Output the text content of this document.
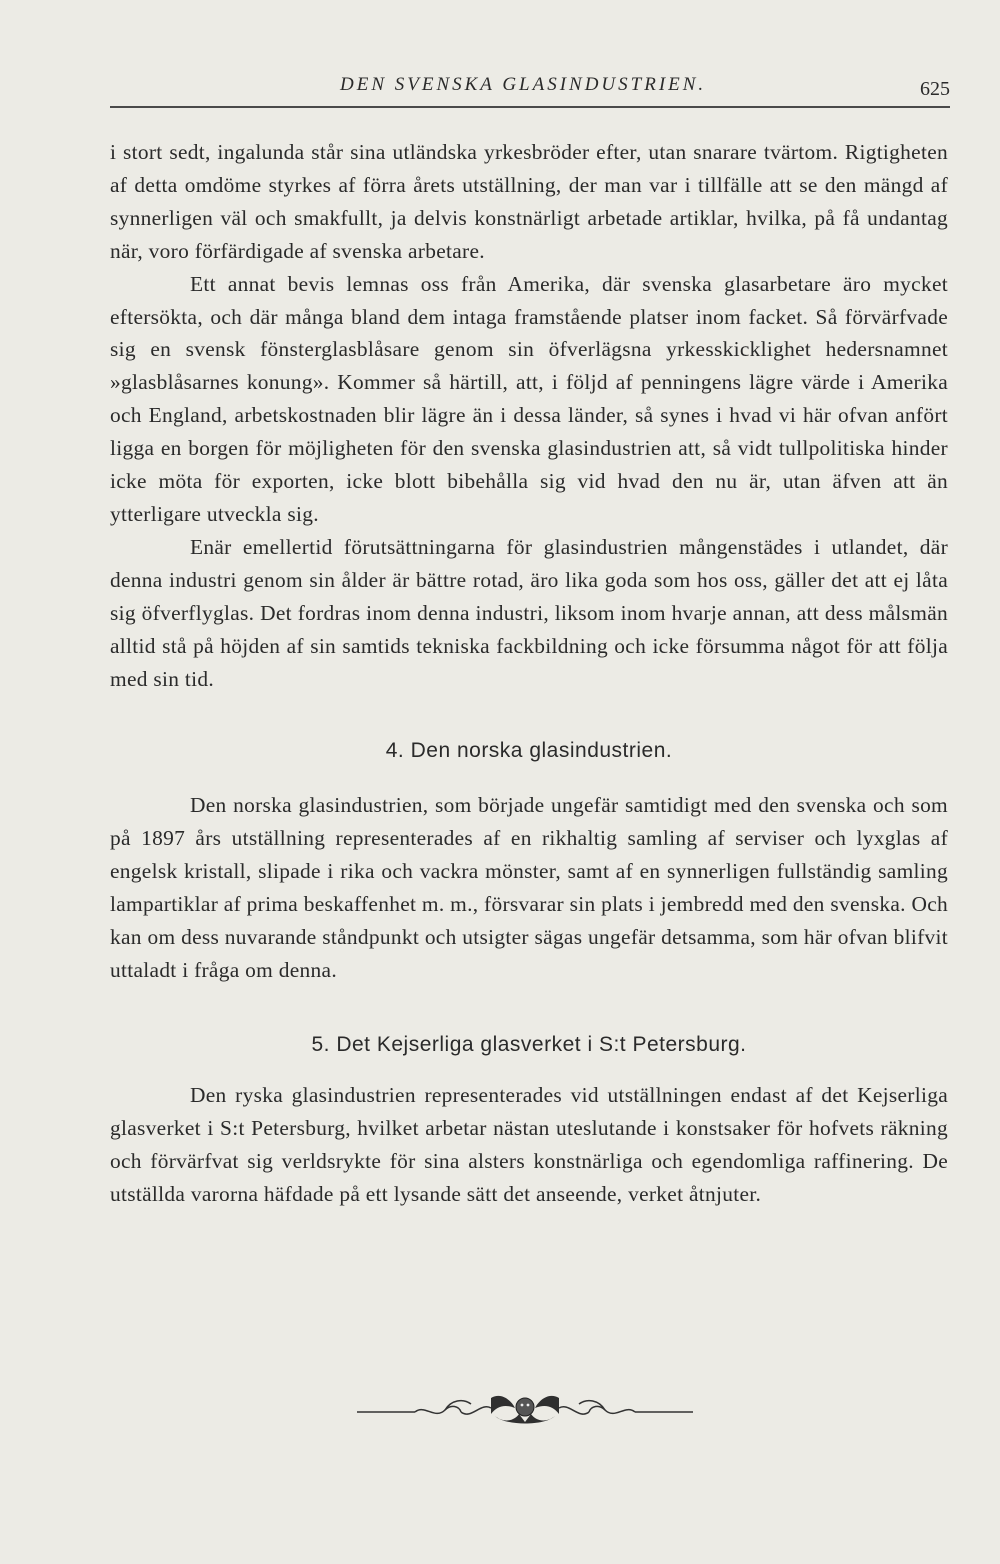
DEN SVENSKA GLASINDUSTRIEN.	625

i stort sedt, ingalunda står sina utländska yrkesbröder efter, utan snarare tvärtom. Rigtigheten af detta omdöme styrkes af förra årets utställning, der man var i tillfälle att se den mängd af synnerligen väl och smakfullt, ja delvis konstnärligt arbetade artiklar, hvilka, på få undantag när, voro förfärdigade af svenska arbetare.

Ett annat bevis lemnas oss från Amerika, där svenska glasarbetare äro mycket eftersökta, och där många bland dem intaga framstående platser inom facket. Så förvärfvade sig en svensk fönsterglasblåsare genom sin öfverlägsna yrkesskicklighet hedersnamnet »glasblåsarnes konung». Kommer så härtill, att, i följd af penningens lägre värde i Amerika och England, arbetskostnaden blir lägre än i dessa länder, så synes i hvad vi här ofvan anfört ligga en borgen för möjligheten för den svenska glasindustrien att, så vidt tullpolitiska hinder icke möta för exporten, icke blott bibehålla sig vid hvad den nu är, utan äfven att än ytterligare utveckla sig.

Enär emellertid förutsättningarna för glasindustrien mångenstädes i utlandet, där denna industri genom sin ålder är bättre rotad, äro lika goda som hos oss, gäller det att ej låta sig öfverflyglas. Det fordras inom denna industri, liksom inom hvarje annan, att dess målsmän alltid stå på höjden af sin samtids tekniska fackbildning och icke försumma något för att följa med sin tid.

4. Den norska glasindustrien.

Den norska glasindustrien, som började ungefär samtidigt med den svenska och som på 1897 års utställning representerades af en rikhaltig samling af serviser och lyxglas af engelsk kristall, slipade i rika och vackra mönster, samt af en synnerligen fullständig samling lampartiklar af prima beskaffenhet m. m., försvarar sin plats i jembredd med den svenska. Och kan om dess nuvarande ståndpunkt och utsigter sägas ungefär detsamma, som här ofvan blifvit uttaladt i fråga om denna.

5. Det Kejserliga glasverket i S:t Petersburg.

Den ryska glasindustrien representerades vid utställningen endast af det Kejserliga glasverket i S:t Petersburg, hvilket arbetar nästan uteslutande i konstsaker för hofvets räkning och förvärfvat sig verldsrykte för sina alsters konstnärliga och egendomliga raffinering. De utställda varorna häfdade på ett lysande sätt det anseende, verket åtnjuter.
